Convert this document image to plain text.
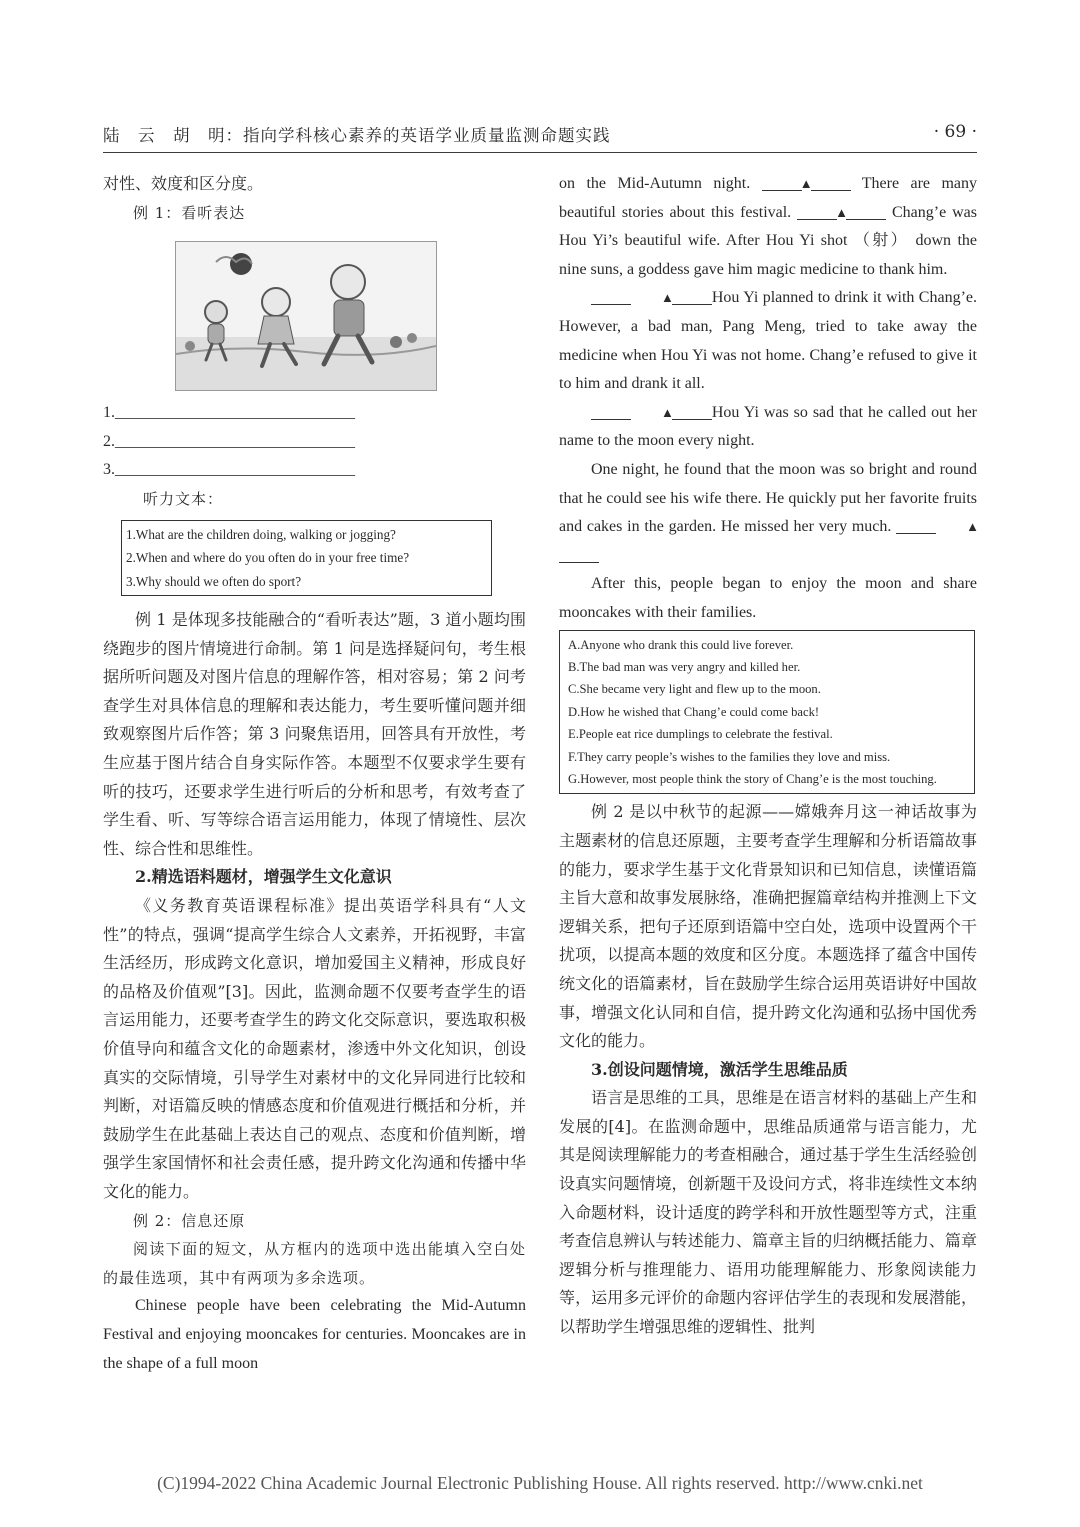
陆　云　胡　明：指向学科核心素养的英语学业质量监测命题实践	· 69 ·

对性、效度和区分度。

例 1：看听表达

1.______________________________

2.______________________________

3.______________________________

听力文本：

1.What are the children doing, walking or jogging?
2.When and where do you often do in your free time?
3.Why should we often do sport?

例 1 是体现多技能融合的“看听表达”题，3 道小题均围绕跑步的图片情境进行命制。第 1 问是选择疑问句，考生根据所听问题及对图片信息的理解作答，相对容易；第 2 问考查学生对具体信息的理解和表达能力，考生要听懂问题并细致观察图片后作答；第 3 问聚焦语用，回答具有开放性，考生应基于图片结合自身实际作答。本题型不仅要求学生要有听的技巧，还要求学生进行听后的分析和思考，有效考查了学生看、听、写等综合语言运用能力，体现了情境性、层次性、综合性和思维性。

2.精选语料题材，增强学生文化意识

《义务教育英语课程标准》提出英语学科具有“人文性”的特点，强调“提高学生综合人文素养，开拓视野，丰富生活经历，形成跨文化意识，增加爱国主义精神，形成良好的品格及价值观”[3]。因此，监测命题不仅要考查学生的语言运用能力，还要考查学生的跨文化交际意识，要选取积极价值导向和蕴含文化的命题素材，渗透中外文化知识，创设真实的交际情境，引导学生对素材中的文化异同进行比较和判断，对语篇反映的情感态度和价值观进行概括和分析，并鼓励学生在此基础上表达自己的观点、态度和价值判断，增强学生家国情怀和社会责任感，提升跨文化沟通和传播中华文化的能力。

例 2：信息还原

阅读下面的短文，从方框内的选项中选出能填入空白处的最佳选项，其中有两项为多余选项。

Chinese people have been celebrating the Mid-Autumn Festival and enjoying mooncakes for centuries. Mooncakes are in the shape of a full moon

on the Mid-Autumn night.	▲	There are many beautiful stories about this festival.	▲	Chang’e was Hou Yi’s beautiful wife. After Hou Yi shot （射） down the nine suns, a goddess gave him magic medicine to thank him.

▲ Hou Yi planned to drink it with Chang’e. However, a bad man, Pang Meng, tried to take away the medicine when Hou Yi was not home. Chang’e refused to give it to him and drank it all.

▲ Hou Yi was so sad that he called out her name to the moon every night.

One night, he found that the moon was so bright and round that he could see his wife there. He quickly put her favorite fruits and cakes in the garden. He missed her very much.	▲

After this, people began to enjoy the moon and share mooncakes with their families.

A.Anyone who drank this could live forever.
B.The bad man was very angry and killed her.
C.She became very light and flew up to the moon.
D.How he wished that Chang’e could come back!
E.People eat rice dumplings to celebrate the festival.
F.They carry people’s wishes to the families they love and miss.
G.However, most people think the story of Chang’e is the most touching.

例 2 是以中秋节的起源——嫦娥奔月这一神话故事为主题素材的信息还原题，主要考查学生理解和分析语篇故事的能力，要求学生基于文化背景知识和已知信息，读懂语篇主旨大意和故事发展脉络，准确把握篇章结构并推测上下文逻辑关系，把句子还原到语篇中空白处，选项中设置两个干扰项，以提高本题的效度和区分度。本题选择了蕴含中国传统文化的语篇素材，旨在鼓励学生综合运用英语讲好中国故事，增强文化认同和自信，提升跨文化沟通和弘扬中国优秀文化的能力。

3.创设问题情境，激活学生思维品质

语言是思维的工具，思维是在语言材料的基础上产生和发展的[4]。在监测命题中，思维品质通常与语言能力，尤其是阅读理解能力的考查相融合，通过基于学生生活经验创设真实问题情境，创新题干及设问方式，将非连续性文本纳入命题材料，设计适度的跨学科和开放性题型等方式，注重考查信息辨认与转述能力、篇章主旨的归纳概括能力、篇章逻辑分析与推理能力、语用功能理解能力、形象阅读能力等，运用多元评价的命题内容评估学生的表现和发展潜能，以帮助学生增强思维的逻辑性、批判

(C)1994-2022 China Academic Journal Electronic Publishing House. All rights reserved. http://www.cnki.net
